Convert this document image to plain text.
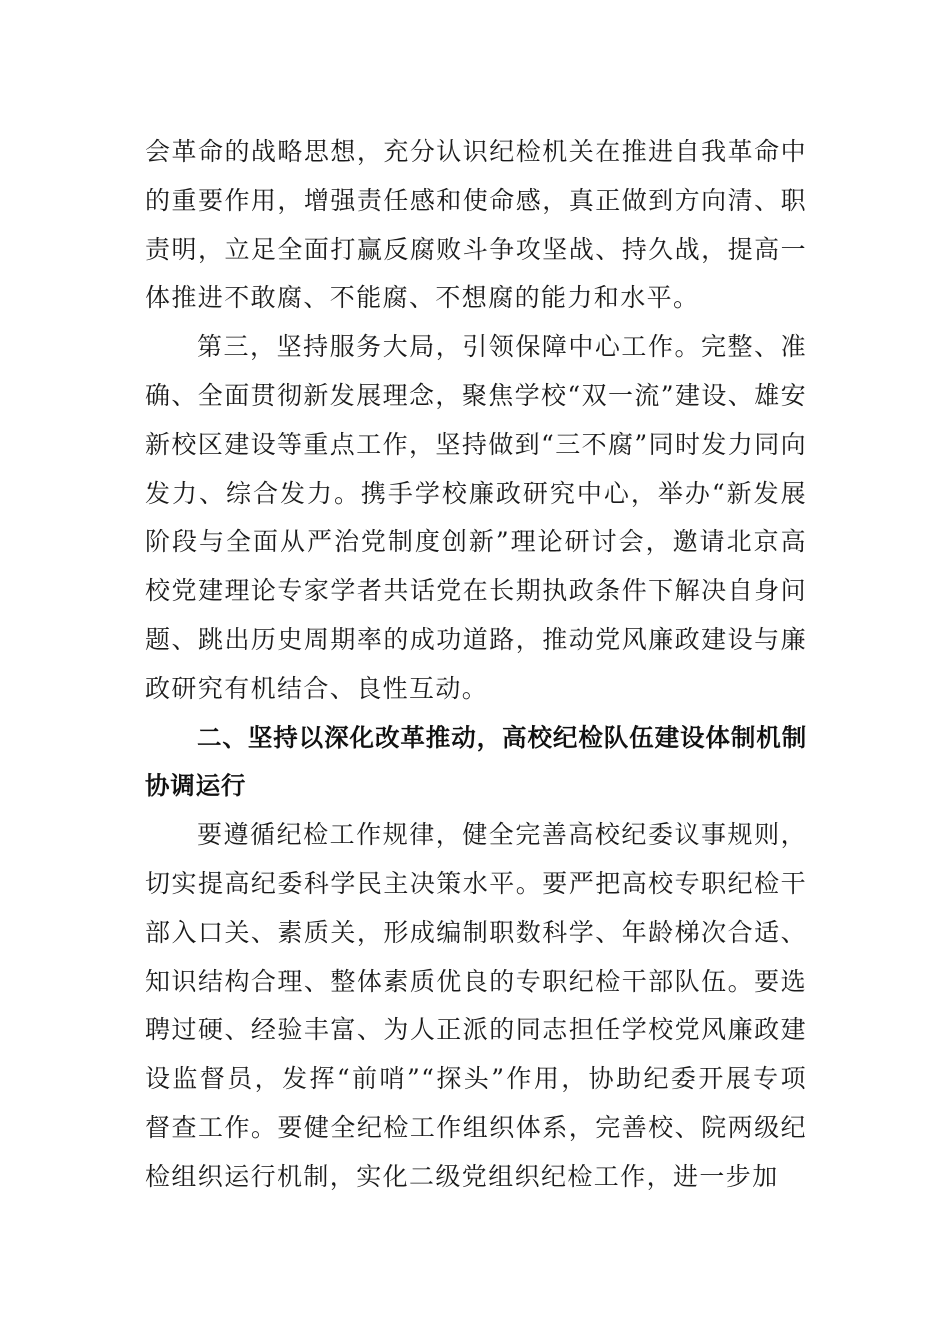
会革命的战略思想，充分认识纪检机关在推进自我革命中的重要作用，增强责任感和使命感，真正做到方向清、职责明，立足全面打赢反腐败斗争攻坚战、持久战，提高一体推进不敢腐、不能腐、不想腐的能力和水平。

第三，坚持服务大局，引领保障中心工作。完整、准确、全面贯彻新发展理念，聚焦学校“双一流”建设、雄安新校区建设等重点工作，坚持做到“三不腐”同时发力同向发力、综合发力。携手学校廉政研究中心，举办“新发展阶段与全面从严治党制度创新”理论研讨会，邀请北京高校党建理论专家学者共话党在长期执政条件下解决自身问题、跳出历史周期率的成功道路，推动党风廉政建设与廉政研究有机结合、良性互动。

二、坚持以深化改革推动，高校纪检队伍建设体制机制协调运行

要遵循纪检工作规律，健全完善高校纪委议事规则，切实提高纪委科学民主决策水平。要严把高校专职纪检干部入口关、素质关，形成编制职数科学、年龄梯次合适、知识结构合理、整体素质优良的专职纪检干部队伍。要选聘过硬、经验丰富、为人正派的同志担任学校党风廉政建设监督员，发挥“前哨”“探头”作用，协助纪委开展专项督查工作。要健全纪检工作组织体系，完善校、院两级纪检组织运行机制，实化二级党组织纪检工作，进一步加
